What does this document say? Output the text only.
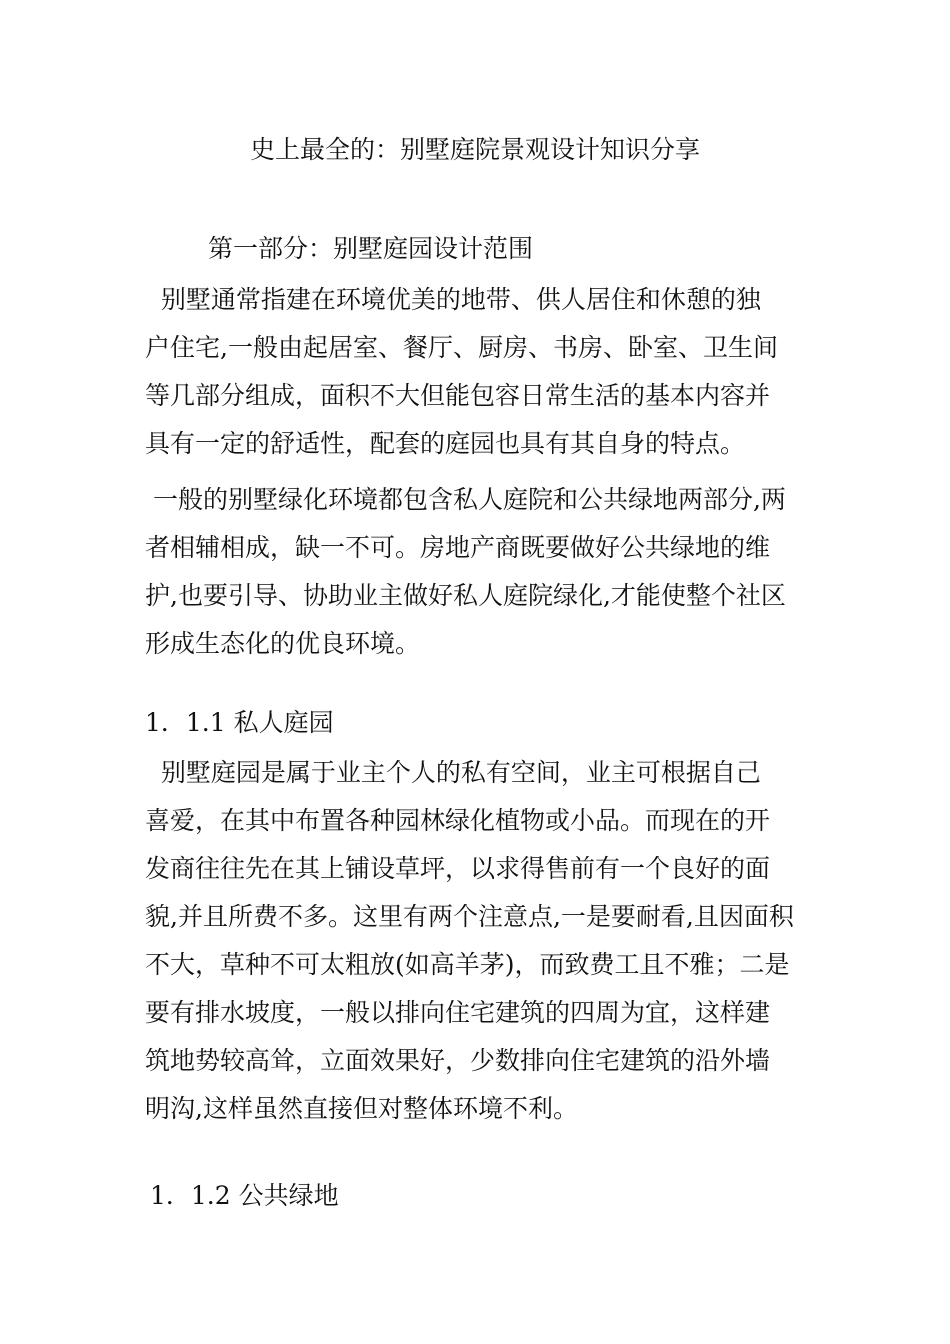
史上最全的：别墅庭院景观设计知识分享
第一部分：别墅庭园设计范围
别墅通常指建在环境优美的地带、供人居住和休憩的独
户住宅,一般由起居室、餐厅、厨房、书房、卧室、卫生间
等几部分组成，面积不大但能包容日常生活的基本内容并
具有一定的舒适性，配套的庭园也具有其自身的特点。
一般的别墅绿化环境都包含私人庭院和公共绿地两部分,两
者相辅相成，缺一不可。房地产商既要做好公共绿地的维
护,也要引导、协助业主做好私人庭院绿化,才能使整个社区
形成生态化的优良环境。
1．1.1 私人庭园
别墅庭园是属于业主个人的私有空间，业主可根据自己
喜爱，在其中布置各种园林绿化植物或小品。而现在的开
发商往往先在其上铺设草坪，以求得售前有一个良好的面
貌,并且所费不多。这里有两个注意点,一是要耐看,且因面积
不大，草种不可太粗放(如高羊茅)，而致费工且不雅；二是
要有排水坡度，一般以排向住宅建筑的四周为宜，这样建
筑地势较高耸，立面效果好，少数排向住宅建筑的沿外墙
明沟,这样虽然直接但对整体环境不利。
1．1.2 公共绿地
